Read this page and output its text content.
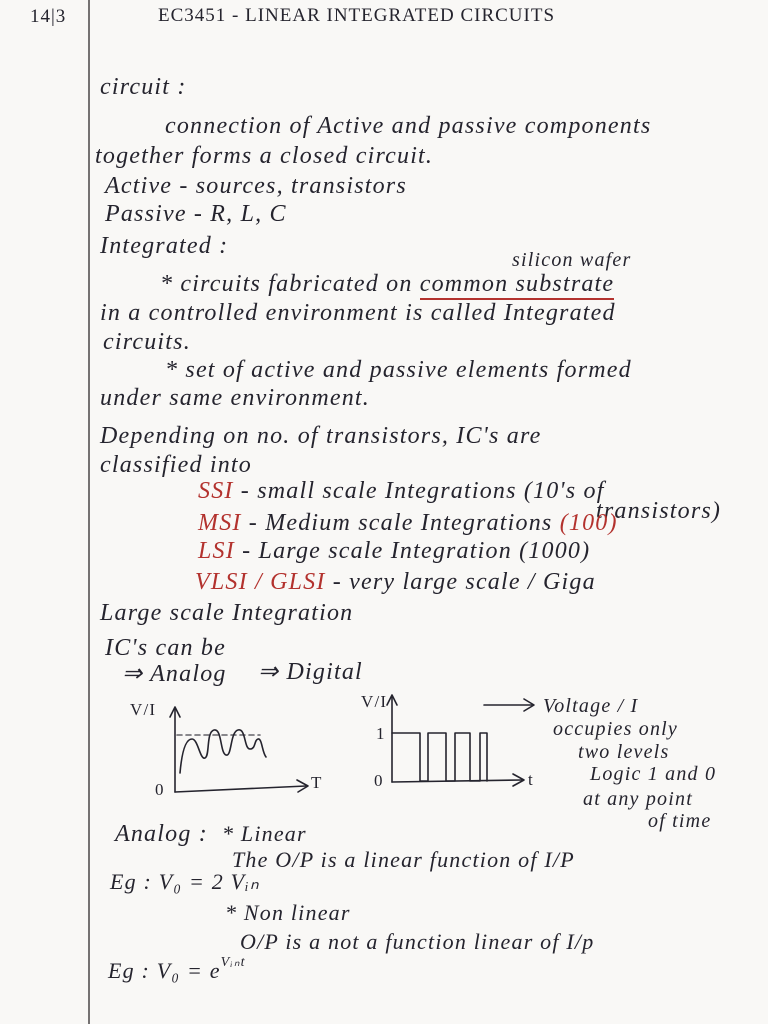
14|3	EC3451 - LINEAR INTEGRATED CIRCUITS
circuit :
connection of Active and passive components
together forms a closed circuit.
Active - sources, transistors
Passive - R, L, C
Integrated :
silicon wafer
* circuits fabricated on common substrate
in a controlled environment is called Integrated
circuits.
* set of active and passive elements formed
under same environment.
Depending on no. of transistors, IC's are
classified into
SSI - small scale Integrations (10's of
transistors)
MSI - Medium scale Integrations (100)
LSI - Large scale Integration (1000)
VLSI / GLSI - very large scale / Giga
Large scale Integration
IC's can be
⇒ Analog ⇒ Digital
V/I
0	T
V/I
1
0	t
Voltage / I
occupies only
two levels
Logic 1 and 0
at any point
of time
Analog : * Linear
The O/P is a linear function of I/P
Eg : V₀ = 2 Vᵢₙ
* Non linear
O/P is a not a function linear of I/p
Eg : $V_0 = e^{Vᵢ_nt}$
